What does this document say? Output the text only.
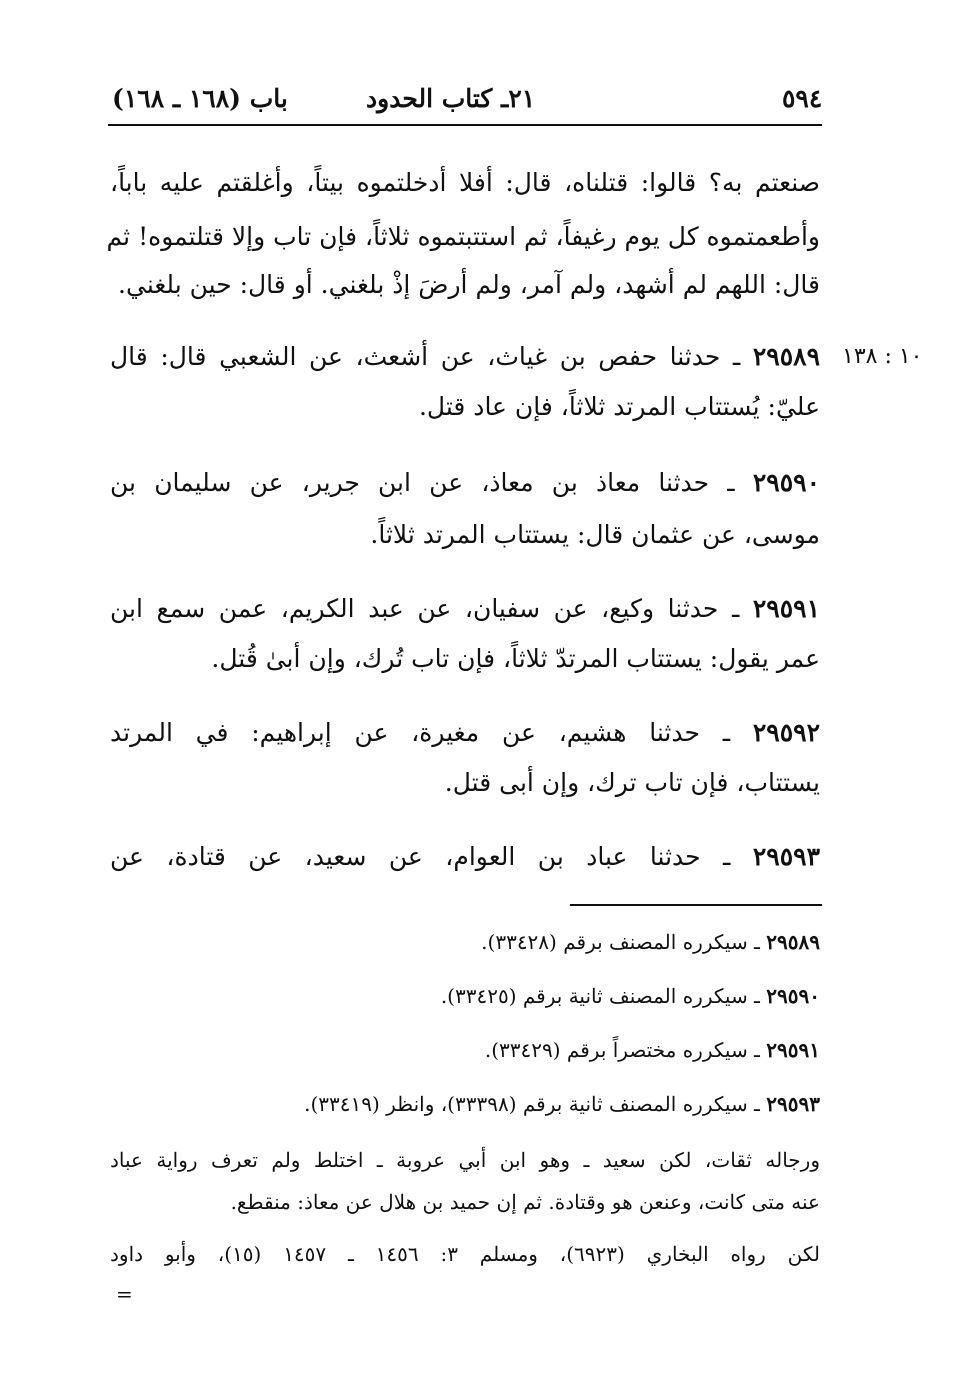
٥٩٤
٢١ـ كتاب الحدود
باب (١٦٨ ـ ١٦٨)
صنعتم به؟ قالوا: قتلناه، قال: أفلا أدخلتموه بيتاً، وأغلقتم عليه باباً،
وأطعمتموه كل يوم رغيفاً، ثم استتبتموه ثلاثاً، فإن تاب وإلا قتلتموه! ثم
قال: اللهم لم أشهد، ولم آمر، ولم أرضَ إذْ بلغني. أو قال: حين بلغني.
١٠ : ١٣٨
٢٩٥٨٩ ـ حدثنا حفص بن غياث، عن أشعث، عن الشعبي قال: قال
عليّ: يُستتاب المرتد ثلاثاً، فإن عاد قتل.
٢٩٥٩٠ ـ حدثنا معاذ بن معاذ، عن ابن جرير، عن سليمان بن
موسى، عن عثمان قال: يستتاب المرتد ثلاثاً.
٢٩٥٩١ ـ حدثنا وكيع، عن سفيان، عن عبد الكريم، عمن سمع ابن
عمر يقول: يستتاب المرتدّ ثلاثاً، فإن تاب تُرك، وإن أبىٰ قُتل.
٢٩٥٩٢ ـ حدثنا هشيم، عن مغيرة، عن إبراهيم: في المرتد
يستتاب، فإن تاب ترك، وإن أبى قتل.
٢٩٥٩٣ ـ حدثنا عباد بن العوام، عن سعيد، عن قتادة، عن
٢٩٥٨٩ ـ سيكرره المصنف برقم (٣٣٤٢٨).
٢٩٥٩٠ ـ سيكرره المصنف ثانية برقم (٣٣٤٢٥).
٢٩٥٩١ ـ سيكرره مختصراً برقم (٣٣٤٢٩).
٢٩٥٩٣ ـ سيكرره المصنف ثانية برقم (٣٣٣٩٨)، وانظر (٣٣٤١٩).
ورجاله ثقات، لكن سعيد ـ وهو ابن أبي عروبة ـ اختلط ولم تعرف رواية عباد
عنه متى كانت، وعنعن هو وقتادة. ثم إن حميد بن هلال عن معاذ: منقطع.
لكن رواه البخاري (٦٩٢٣)، ومسلم ٣: ١٤٥٦ ـ ١٤٥٧ (١٥)، وأبو داود
=
